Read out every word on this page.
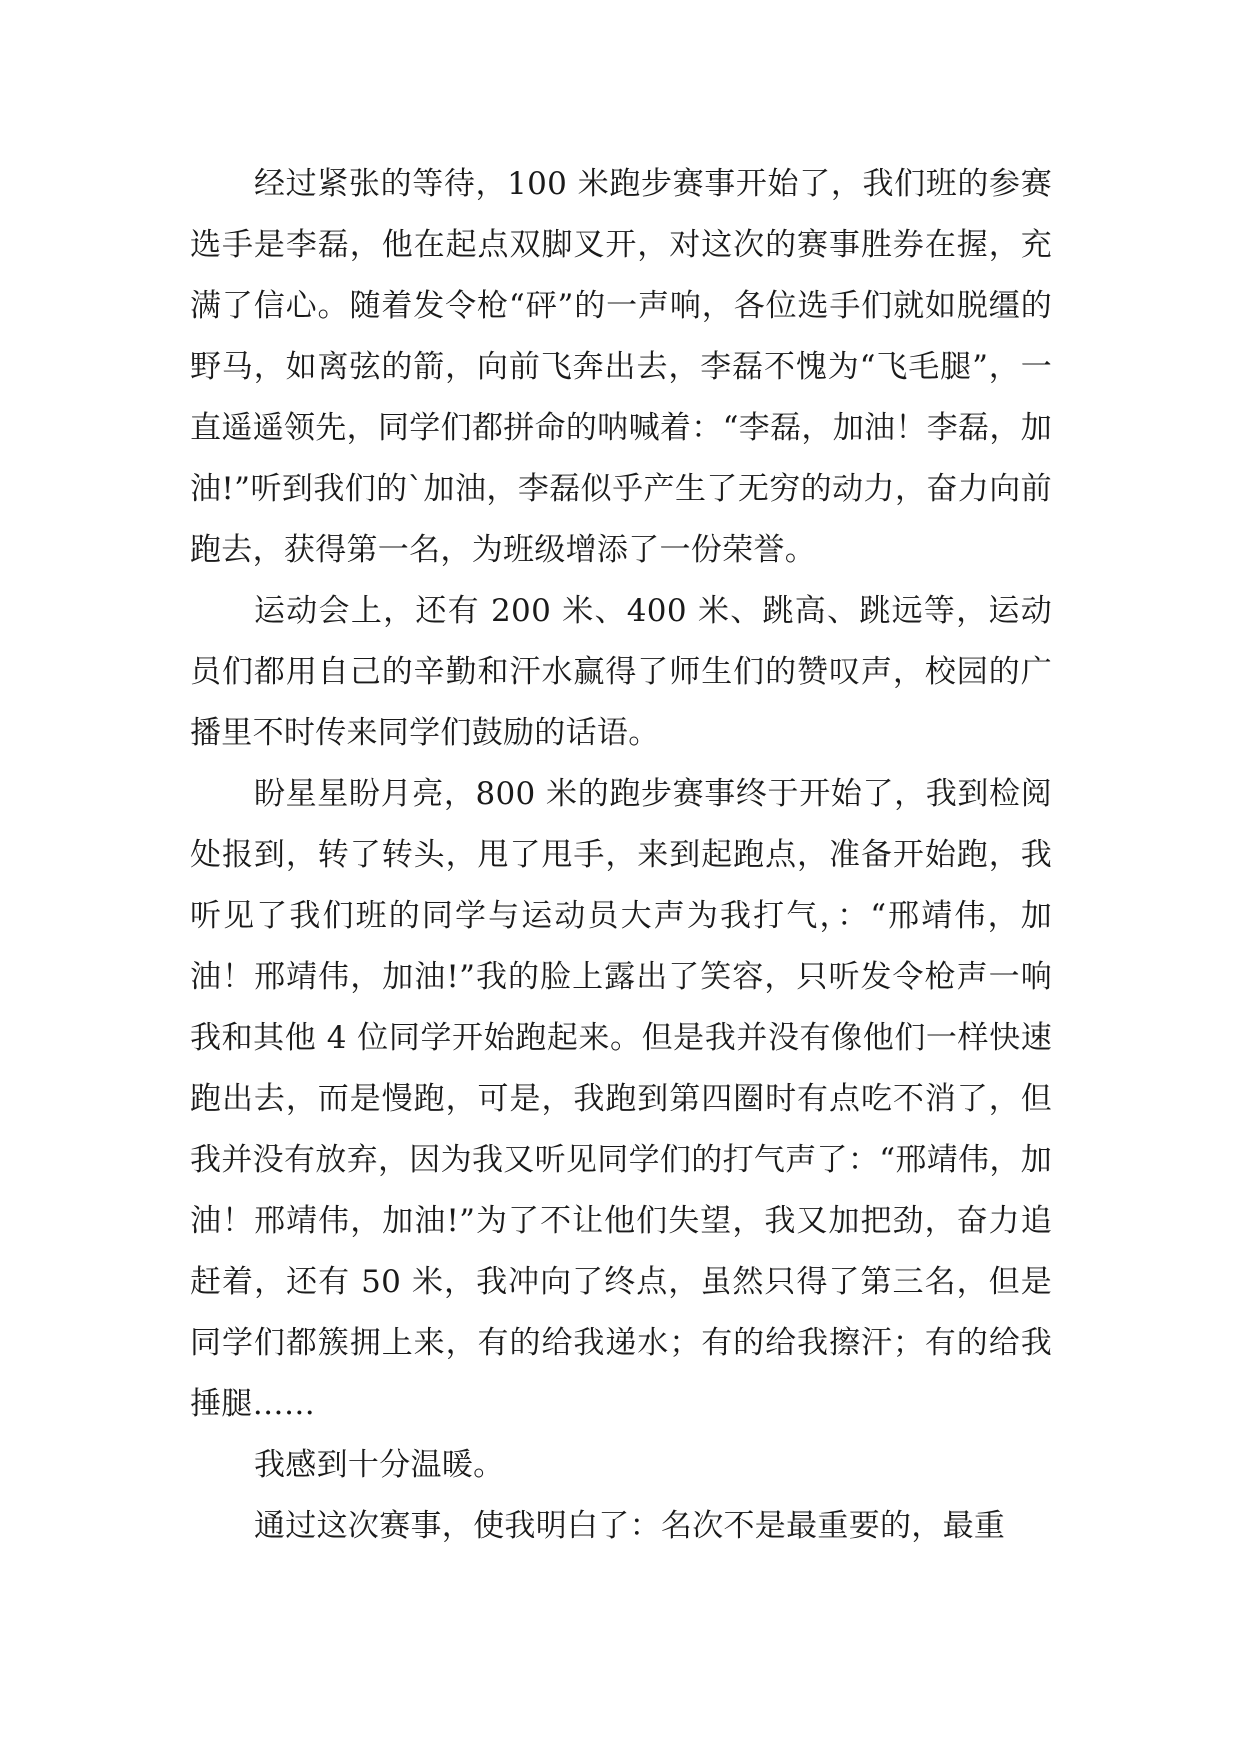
经过紧张的等待，100 米跑步赛事开始了，我们班的参赛选手是李磊，他在起点双脚叉开，对这次的赛事胜券在握，充满了信心。随着发令枪“砰”的一声响，各位选手们就如脱缰的野马，如离弦的箭，向前飞奔出去，李磊不愧为“飞毛腿”，一直遥遥领先，同学们都拼命的呐喊着：“李磊，加油！李磊，加油!”听到我们的`加油，李磊似乎产生了无穷的动力，奋力向前跑去，获得第一名，为班级增添了一份荣誉。

运动会上，还有 200 米、400 米、跳高、跳远等，运动员们都用自己的辛勤和汗水赢得了师生们的赞叹声，校园的广播里不时传来同学们鼓励的话语。

盼星星盼月亮，800 米的跑步赛事终于开始了，我到检阅处报到，转了转头，甩了甩手，来到起跑点，准备开始跑，我听见了我们班的同学与运动员大声为我打气，：“邢靖伟，加油！邢靖伟，加油!”我的脸上露出了笑容，只听发令枪声一响我和其他 4 位同学开始跑起来。但是我并没有像他们一样快速跑出去，而是慢跑，可是，我跑到第四圈时有点吃不消了，但我并没有放弃，因为我又听见同学们的打气声了：“邢靖伟，加油！邢靖伟，加油!”为了不让他们失望，我又加把劲，奋力追赶着，还有 50 米，我冲向了终点，虽然只得了第三名，但是同学们都簇拥上来，有的给我递水；有的给我擦汗；有的给我捶腿……

我感到十分温暖。

通过这次赛事，使我明白了：名次不是最重要的，最重
